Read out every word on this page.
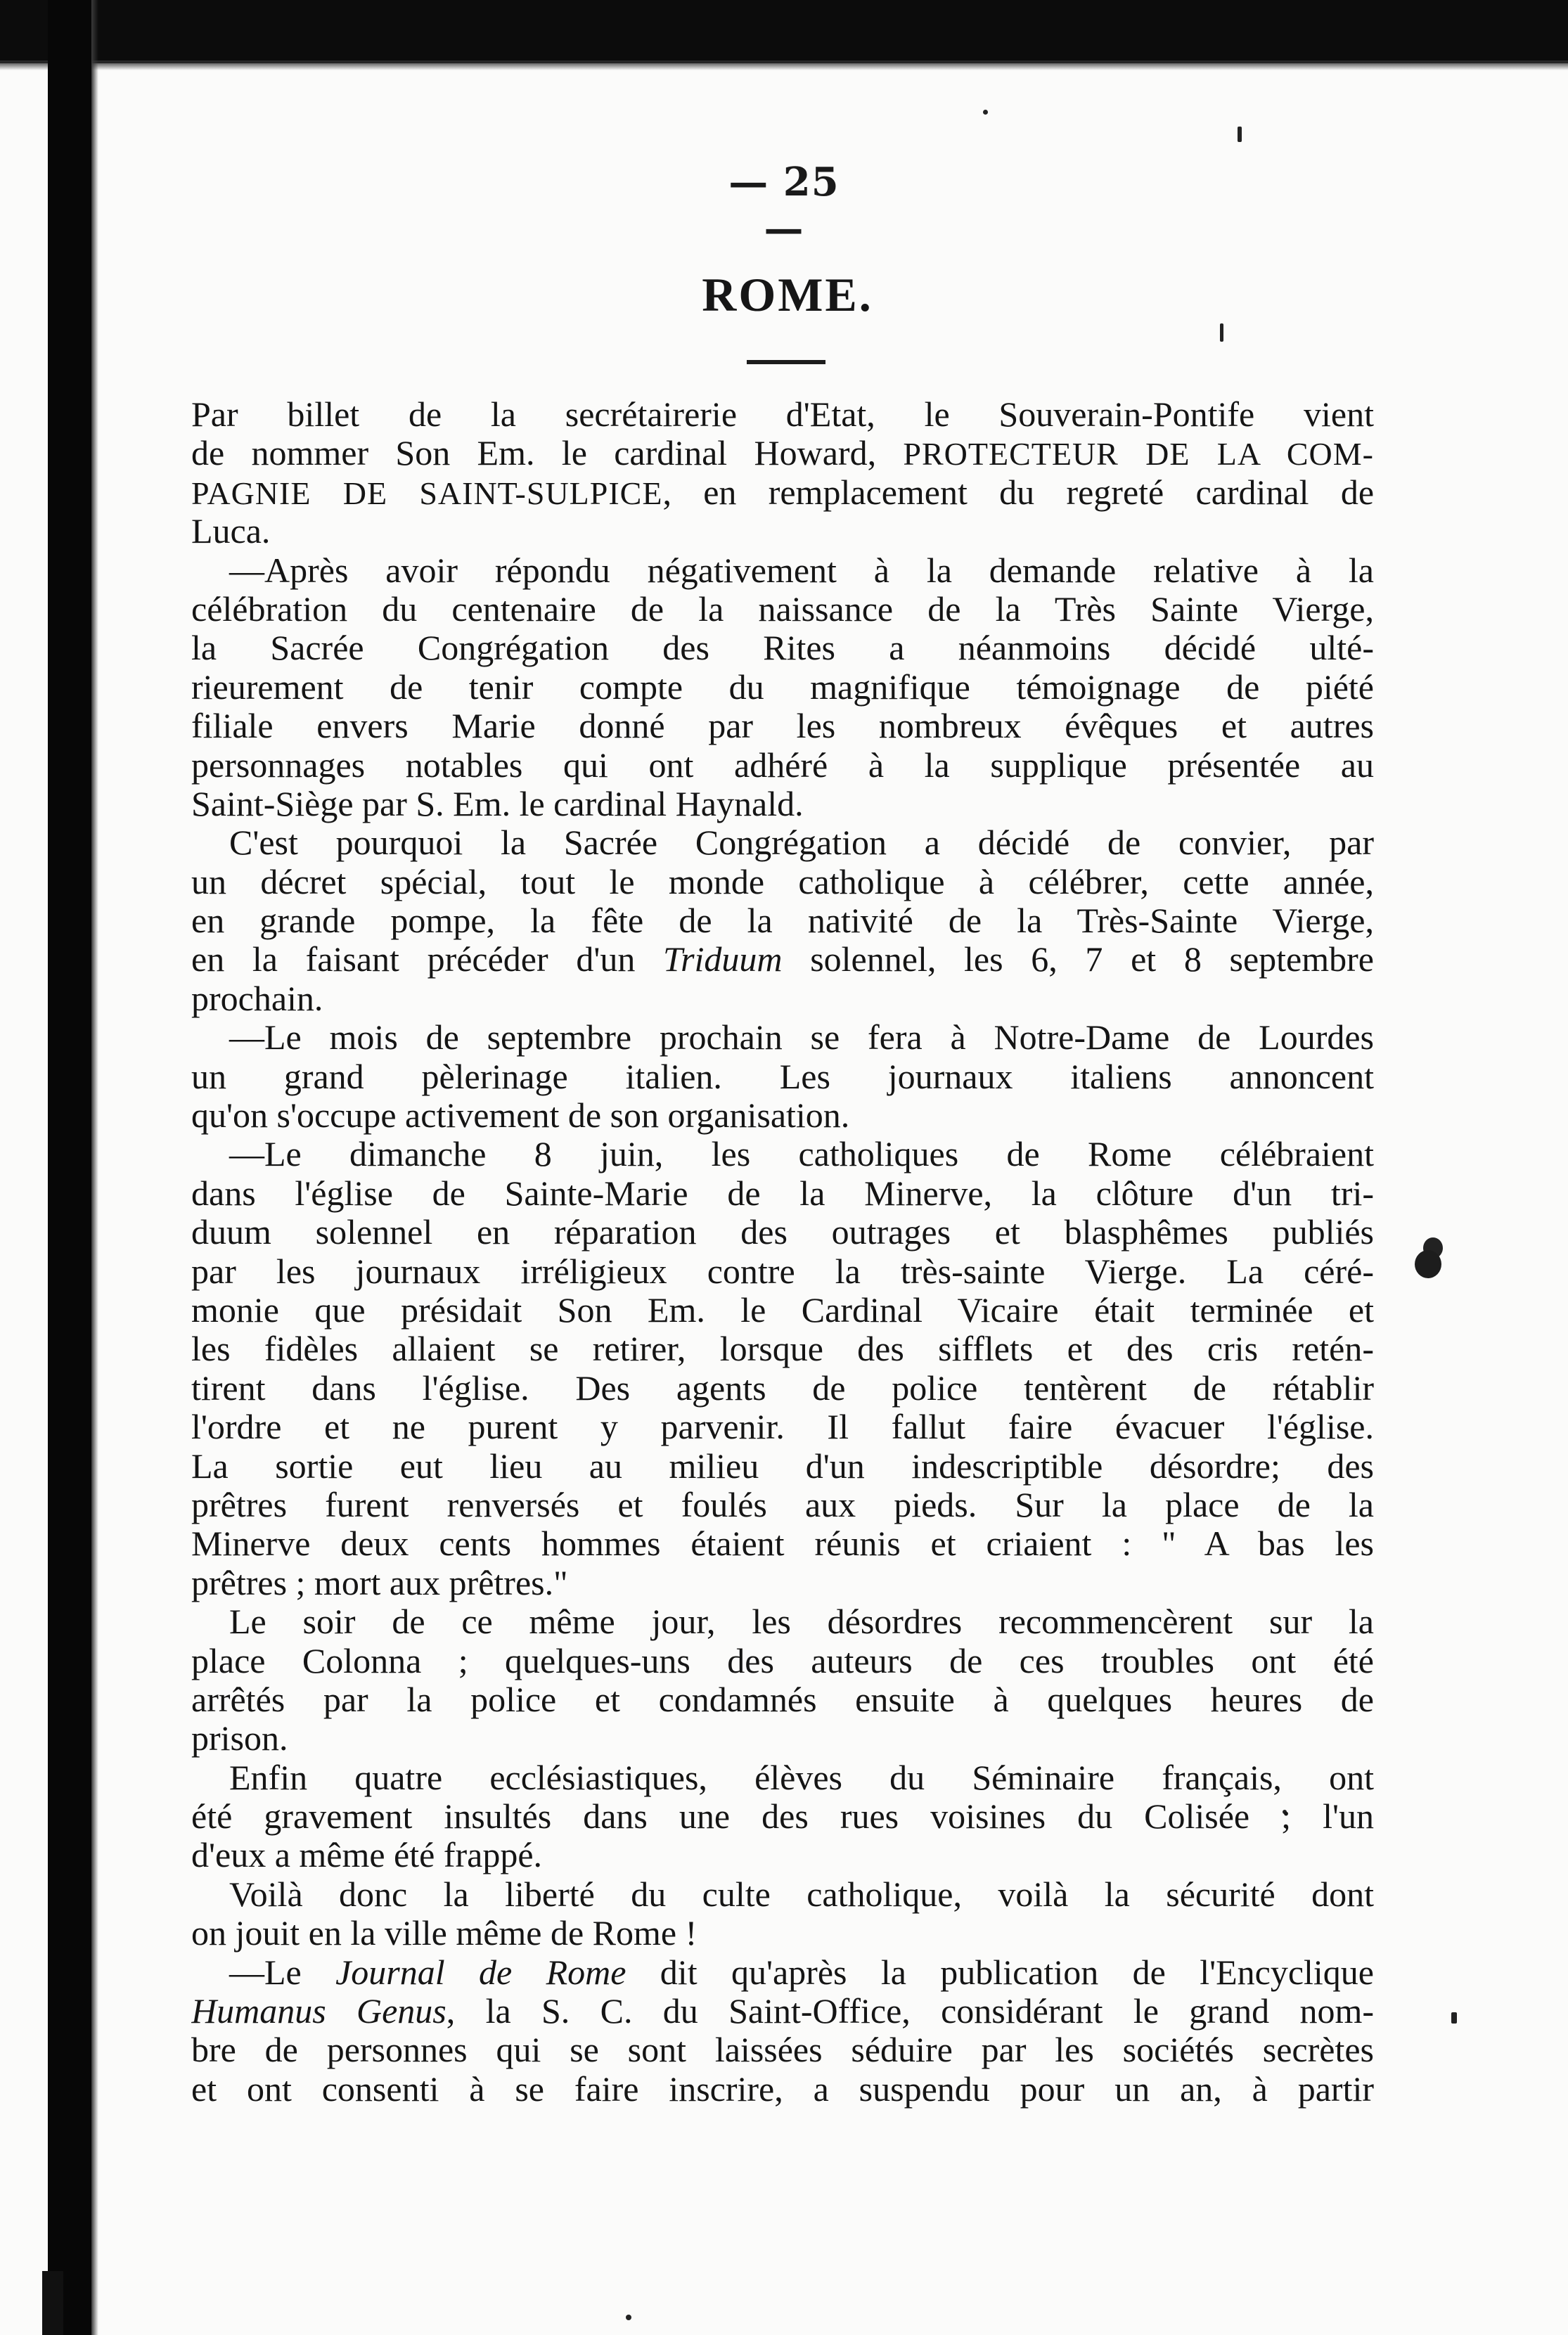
— 25 —
ROME.
Par billet de la secrétairerie d'Etat, le Souverain-Pontife vient
de nommer Son Em. le cardinal Howard, PROTECTEUR DE LA COM-
PAGNIE DE SAINT-SULPICE, en remplacement du regreté cardinal de
Luca.
—Après avoir répondu négativement à la demande relative à la
célébration du centenaire de la naissance de la Très Sainte Vierge,
la Sacrée Congrégation des Rites a néanmoins décidé ulté-
rieurement de tenir compte du magnifique témoignage de piété
filiale envers Marie donné par les nombreux évêques et autres
personnages notables qui ont adhéré à la supplique présentée au
Saint-Siège par S. Em. le cardinal Haynald.
C'est pourquoi la Sacrée Congrégation a décidé de convier, par
un décret spécial, tout le monde catholique à célébrer, cette année,
en grande pompe, la fête de la nativité de la Très-Sainte Vierge,
en la faisant précéder d'un Triduum solennel, les 6, 7 et 8 septembre
prochain.
—Le mois de septembre prochain se fera à Notre-Dame de Lourdes
un grand pèlerinage italien. Les journaux italiens annoncent
qu'on s'occupe activement de son organisation.
—Le dimanche 8 juin, les catholiques de Rome célébraient
dans l'église de Sainte-Marie de la Minerve, la clôture d'un tri-
duum solennel en réparation des outrages et blasphêmes publiés
par les journaux irréligieux contre la très-sainte Vierge. La céré-
monie que présidait Son Em. le Cardinal Vicaire était terminée et
les fidèles allaient se retirer, lorsque des sifflets et des cris retén-
tirent dans l'église. Des agents de police tentèrent de rétablir
l'ordre et ne purent y parvenir. Il fallut faire évacuer l'église.
La sortie eut lieu au milieu d'un indescriptible désordre; des
prêtres furent renversés et foulés aux pieds. Sur la place de la
Minerve deux cents hommes étaient réunis et criaient : " A bas les
prêtres ; mort aux prêtres."
Le soir de ce même jour, les désordres recommencèrent sur la
place Colonna ; quelques-uns des auteurs de ces troubles ont été
arrêtés par la police et condamnés ensuite à quelques heures de
prison.
Enfin quatre ecclésiastiques, élèves du Séminaire français, ont
été gravement insultés dans une des rues voisines du Colisée ; l'un
d'eux a même été frappé.
Voilà donc la liberté du culte catholique, voilà la sécurité dont
on jouit en la ville même de Rome !
—Le Journal de Rome dit qu'après la publication de l'Encyclique
Humanus Genus, la S. C. du Saint-Office, considérant le grand nom-
bre de personnes qui se sont laissées séduire par les sociétés secrètes
et ont consenti à se faire inscrire, a suspendu pour un an, à partir
